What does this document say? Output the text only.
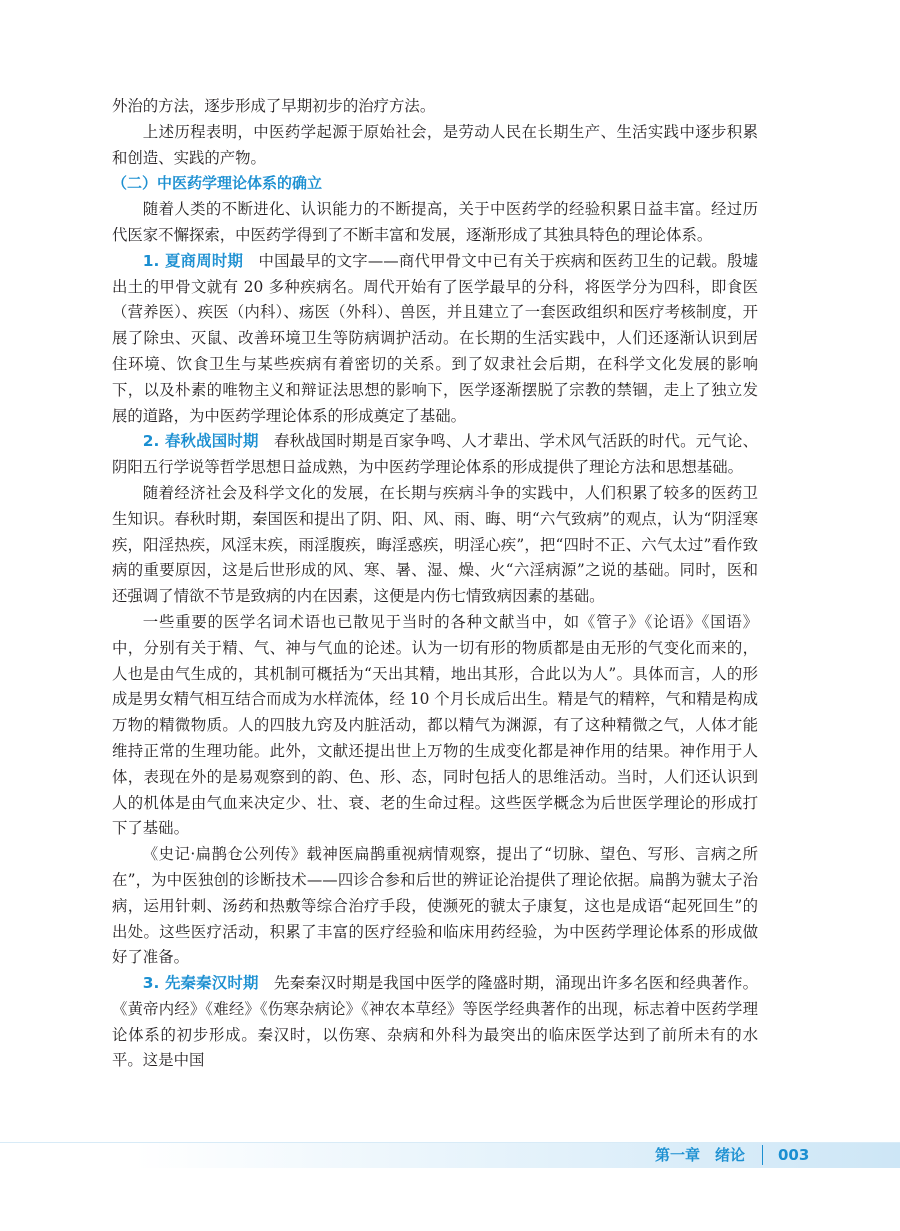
外治的方法，逐步形成了早期初步的治疗方法。

上述历程表明，中医药学起源于原始社会，是劳动人民在长期生产、生活实践中逐步积累和创造、实践的产物。

（二）中医药学理论体系的确立

随着人类的不断进化、认识能力的不断提高，关于中医药学的经验积累日益丰富。经过历代医家不懈探索，中医药学得到了不断丰富和发展，逐渐形成了其独具特色的理论体系。

1. 夏商周时期 中国最早的文字——商代甲骨文中已有关于疾病和医药卫生的记载。殷墟出土的甲骨文就有 20 多种疾病名。周代开始有了医学最早的分科，将医学分为四科，即食医（营养医）、疾医（内科）、疡医（外科）、兽医，并且建立了一套医政组织和医疗考核制度，开展了除虫、灭鼠、改善环境卫生等防病调护活动。在长期的生活实践中，人们还逐渐认识到居住环境、饮食卫生与某些疾病有着密切的关系。到了奴隶社会后期，在科学文化发展的影响下，以及朴素的唯物主义和辩证法思想的影响下，医学逐渐摆脱了宗教的禁锢，走上了独立发展的道路，为中医药学理论体系的形成奠定了基础。

2. 春秋战国时期 春秋战国时期是百家争鸣、人才辈出、学术风气活跃的时代。元气论、阴阳五行学说等哲学思想日益成熟，为中医药学理论体系的形成提供了理论方法和思想基础。

随着经济社会及科学文化的发展，在长期与疾病斗争的实践中，人们积累了较多的医药卫生知识。春秋时期，秦国医和提出了阴、阳、风、雨、晦、明“六气致病”的观点，认为“阴淫寒疾，阳淫热疾，风淫末疾，雨淫腹疾，晦淫惑疾，明淫心疾”，把“四时不正、六气太过”看作致病的重要原因，这是后世形成的风、寒、暑、湿、燥、火“六淫病源”之说的基础。同时，医和还强调了情欲不节是致病的内在因素，这便是内伤七情致病因素的基础。

一些重要的医学名词术语也已散见于当时的各种文献当中，如《管子》《论语》《国语》中，分别有关于精、气、神与气血的论述。认为一切有形的物质都是由无形的气变化而来的，人也是由气生成的，其机制可概括为“天出其精，地出其形，合此以为人”。具体而言，人的形成是男女精气相互结合而成为水样流体，经 10 个月长成后出生。精是气的精粹，气和精是构成万物的精微物质。人的四肢九窍及内脏活动，都以精气为渊源，有了这种精微之气，人体才能维持正常的生理功能。此外，文献还提出世上万物的生成变化都是神作用的结果。神作用于人体，表现在外的是易观察到的韵、色、形、态，同时包括人的思维活动。当时，人们还认识到人的机体是由气血来决定少、壮、衰、老的生命过程。这些医学概念为后世医学理论的形成打下了基础。

《史记·扁鹊仓公列传》载神医扁鹊重视病情观察，提出了“切脉、望色、写形、言病之所在”，为中医独创的诊断技术——四诊合参和后世的辨证论治提供了理论依据。扁鹊为虢太子治病，运用针刺、汤药和热敷等综合治疗手段，使濒死的虢太子康复，这也是成语“起死回生”的出处。这些医疗活动，积累了丰富的医疗经验和临床用药经验，为中医药学理论体系的形成做好了准备。

3. 先秦秦汉时期 先秦秦汉时期是我国中医学的隆盛时期，涌现出许多名医和经典著作。《黄帝内经》《难经》《伤寒杂病论》《神农本草经》等医学经典著作的出现，标志着中医药学理论体系的初步形成。秦汉时，以伤寒、杂病和外科为最突出的临床医学达到了前所未有的水平。这是中国

第一章　绪论 003
